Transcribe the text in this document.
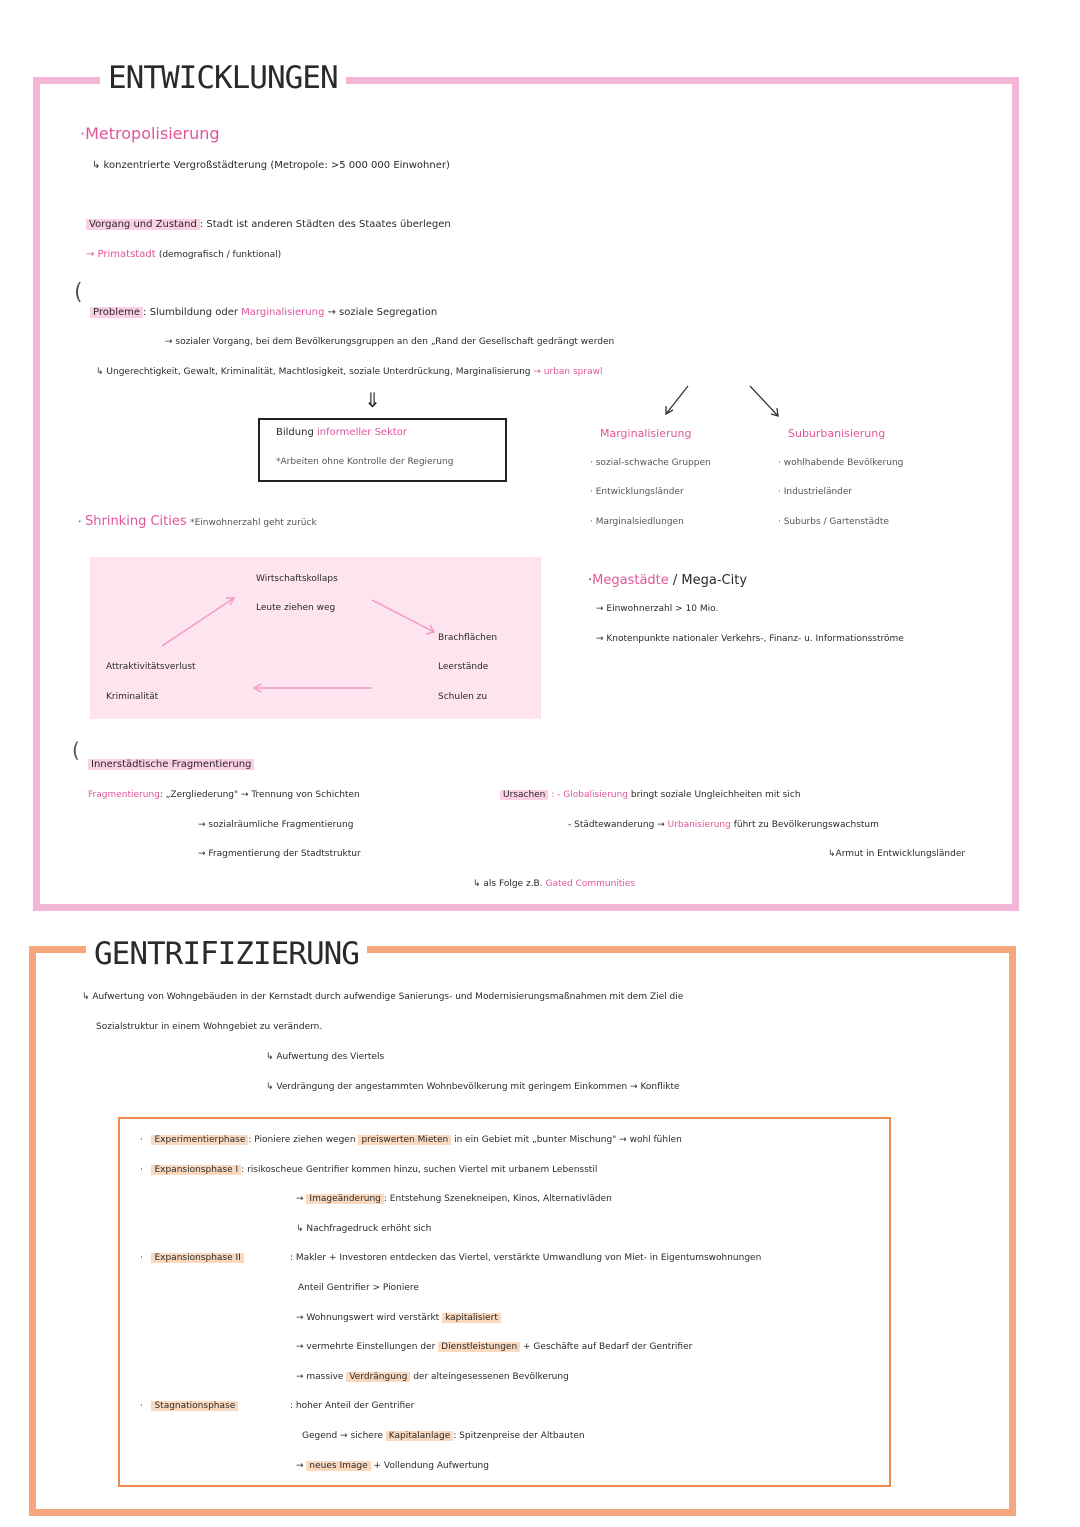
ENTWICKLUNGEN
·Metropolisierung
↳ konzentrierte Vergroßstädterung (Metropole: >5 000 000 Einwohner)
Vorgang und Zustand : Stadt ist anderen Städten des Staates überlegen
→ Primatstadt (demografisch / funktional)
(
Probleme : Slumbildung oder Marginalisierung → soziale Segregation
→ sozialer Vorgang, bei dem Bevölkerungsgruppen an den „Rand der Gesellschaft gedrängt werden
↳ Ungerechtigkeit, Gewalt, Kriminalität, Machtlosigkeit, soziale Unterdrückung, Marginalisierung → urban sprawl
⇓
Bildung informeller Sektor
*Arbeiten ohne Kontrolle der Regierung
Marginalisierung
· sozial-schwache Gruppen
· Entwicklungsländer
· Marginalsiedlungen
Suburbanisierung
· wohlhabende Bevölkerung
· Industrieländer
· Suburbs / Gartenstädte
· Shrinking Cities *Einwohnerzahl geht zurück
Wirtschaftskollaps
Leute ziehen weg
Brachflächen
Leerstände
Schulen zu
Attraktivitätsverlust
Kriminalität
·Megastädte / Mega-City
→ Einwohnerzahl > 10 Mio.
→ Knotenpunkte nationaler Verkehrs-, Finanz- u. Informationsströme
(
Innerstädtische Fragmentierung
Fragmentierung: „Zergliederung" → Trennung von Schichten
→ sozialräumliche Fragmentierung
→ Fragmentierung der Stadtstruktur
Ursachen : - Globalisierung bringt soziale Ungleichheiten mit sich
- Städtewanderung → Urbanisierung führt zu Bevölkerungswachstum
↳Armut in Entwicklungsländer
↳ als Folge z.B. Gated Communities
GENTRIFIZIERUNG
↳ Aufwertung von Wohngebäuden in der Kernstadt durch aufwendige Sanierungs- und Modernisierungsmaßnahmen mit dem Ziel die
Sozialstruktur in einem Wohngebiet zu verändern.
↳ Aufwertung des Viertels
↳ Verdrängung der angestammten Wohnbevölkerung mit geringem Einkommen → Konflikte
·   Experimentierphase : Pioniere ziehen wegen preiswerten Mieten in ein Gebiet mit „bunter Mischung" → wohl fühlen
·   Expansionsphase I : risikoscheue Gentrifier kommen hinzu, suchen Viertel mit urbanem Lebensstil
→ Imageänderung : Entstehung Szenekneipen, Kinos, Alternativläden
↳ Nachfragedruck erhöht sich
·   Expansionsphase II	: Makler + Investoren entdecken das Viertel, verstärkte Umwandlung von Miet- in Eigentumswohnungen
Anteil Gentrifier > Pioniere
→ Wohnungswert wird verstärkt kapitalisiert
→ vermehrte Einstellungen der Dienstleistungen + Geschäfte auf Bedarf der Gentrifier
→ massive Verdrängung der alteingesessenen Bevölkerung
·   Stagnationsphase	: hoher Anteil der Gentrifier
Gegend → sichere Kapitalanlage : Spitzenpreise der Altbauten
→ neues Image + Vollendung Aufwertung
